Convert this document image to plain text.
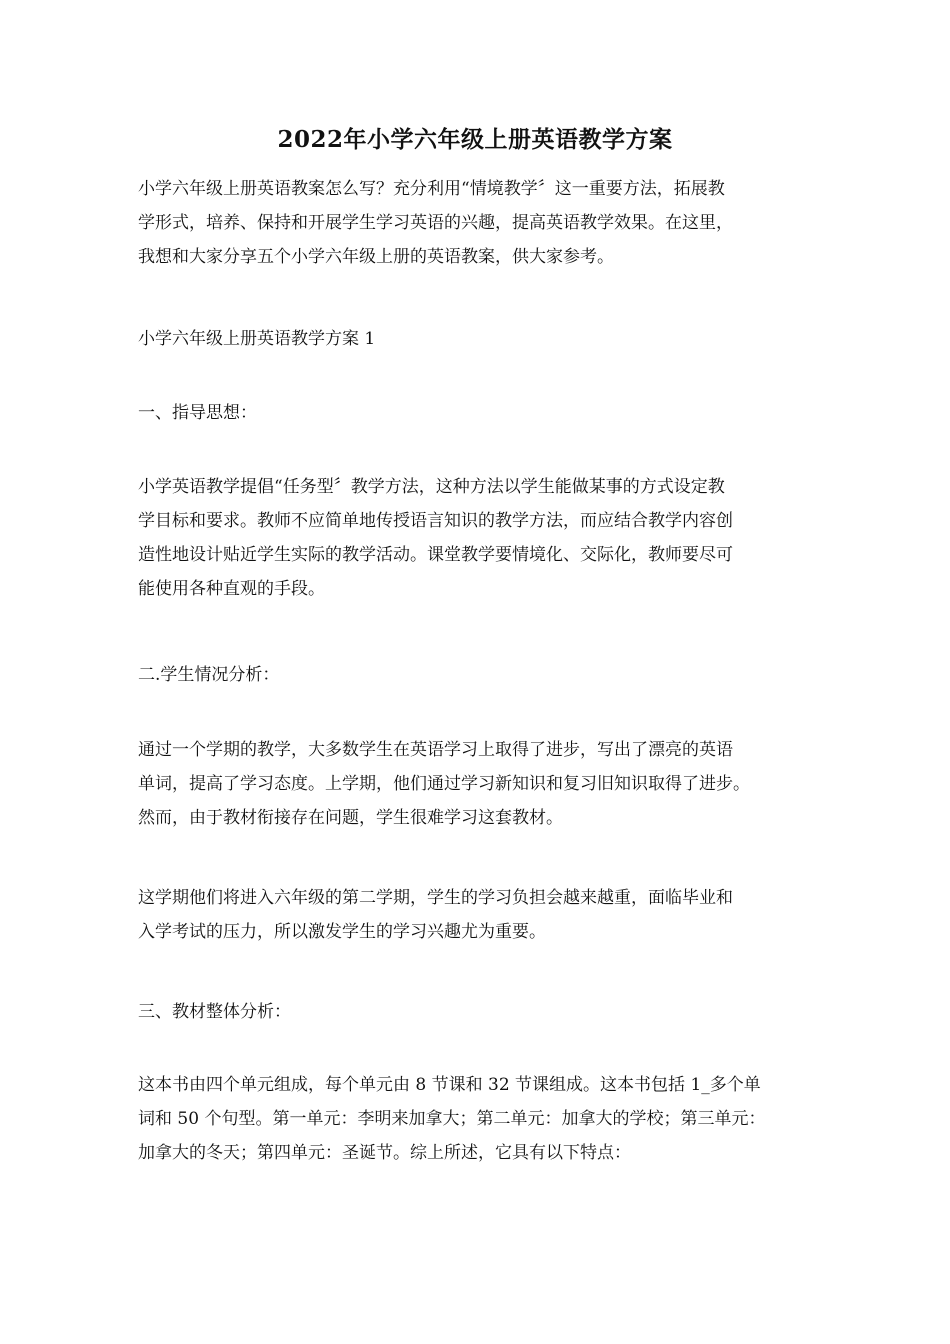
2022年小学六年级上册英语教学方案
小学六年级上册英语教案怎么写？充分利用“情境教学〞这一重要方法，拓展教
学形式，培养、保持和开展学生学习英语的兴趣，提高英语教学效果。在这里，
我想和大家分享五个小学六年级上册的英语教案，供大家参考。
小学六年级上册英语教学方案 1
一、指导思想：
小学英语教学提倡“任务型〞教学方法，这种方法以学生能做某事的方式设定教
学目标和要求。教师不应简单地传授语言知识的教学方法，而应结合教学内容创
造性地设计贴近学生实际的教学活动。课堂教学要情境化、交际化，教师要尽可
能使用各种直观的手段。
二.学生情况分析：
通过一个学期的教学，大多数学生在英语学习上取得了进步，写出了漂亮的英语
单词，提高了学习态度。上学期，他们通过学习新知识和复习旧知识取得了进步。
然而，由于教材衔接存在问题，学生很难学习这套教材。
这学期他们将进入六年级的第二学期，学生的学习负担会越来越重，面临毕业和
入学考试的压力，所以激发学生的学习兴趣尤为重要。
三、教材整体分析：
这本书由四个单元组成，每个单元由 8 节课和 32 节课组成。这本书包括 1_多个单
词和 50 个句型。第一单元：李明来加拿大；第二单元：加拿大的学校；第三单元：
加拿大的冬天；第四单元：圣诞节。综上所述，它具有以下特点：
